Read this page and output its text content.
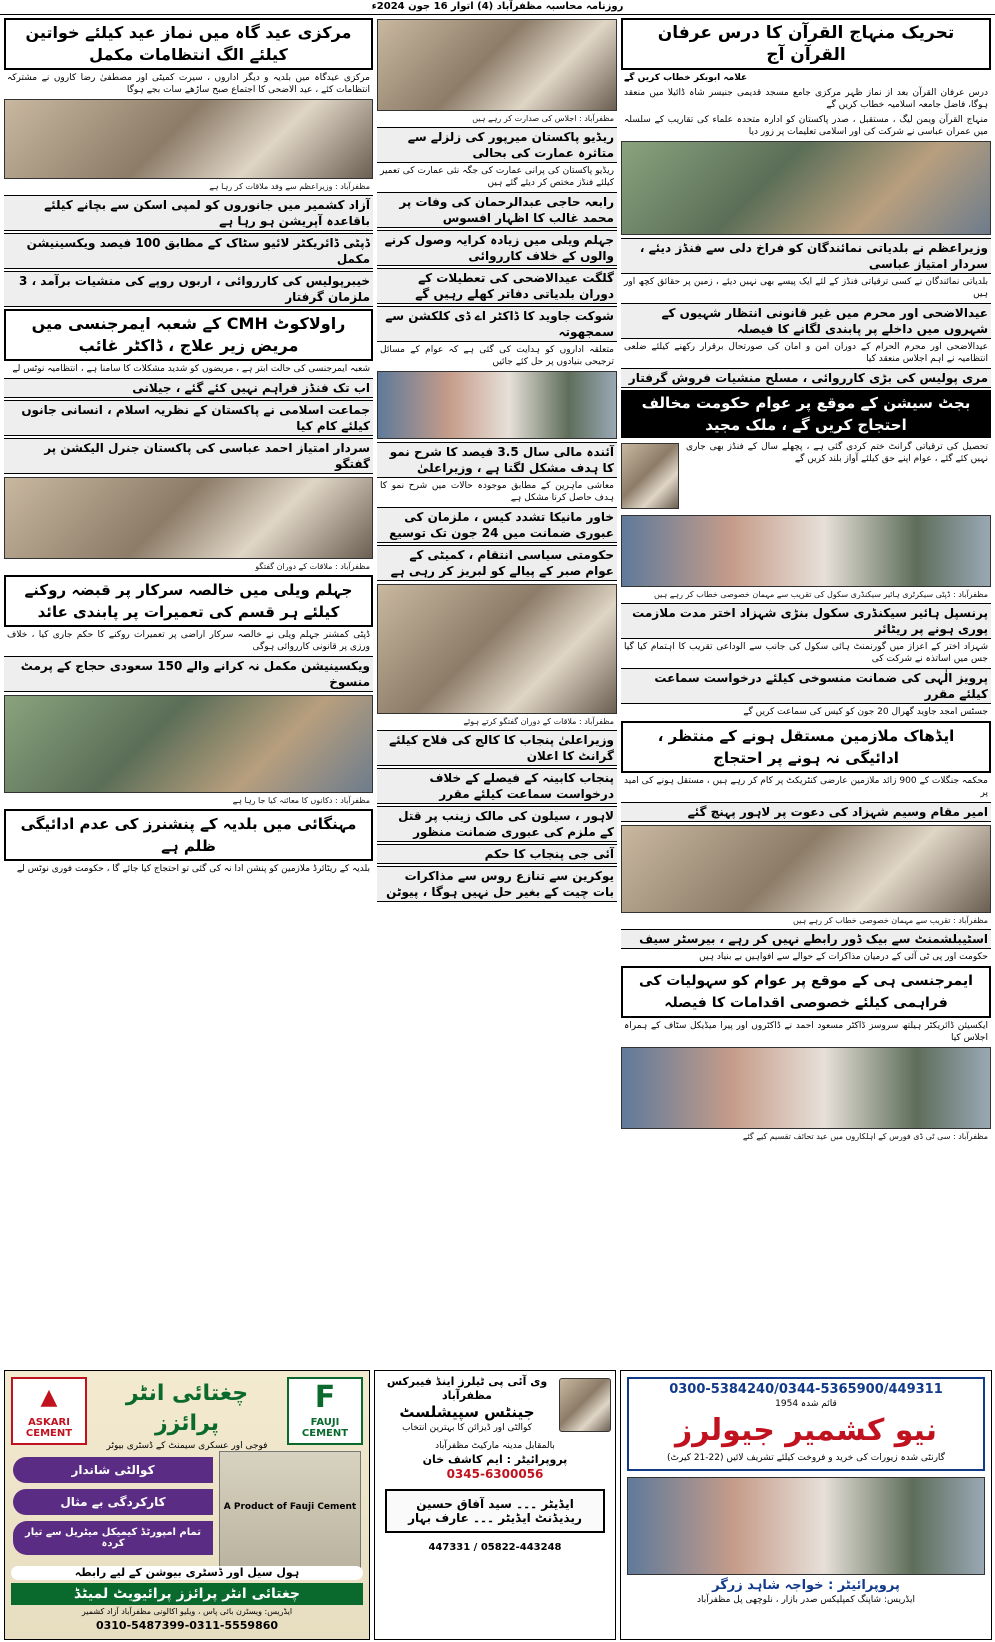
روزنامہ محاسبہ مظفرآباد (4) اتوار 16 جون 2024ء
تحریک منہاج القرآن کا درس عرفان القرآن آج
علامہ ابوبکر خطاب کریں گے
درس عرفان القرآن بعد از نماز ظہر مرکزی جامع مسجد قدیمی جنیسر شاہ ڈائیلا میں منعقد ہوگا، فاضل جامعہ اسلامیہ خطاب کریں گے
منہاج القرآن ویمن لیگ ، مستقبل ، صدر پاکستان کو ادارہ متحدہ علماء کی تقاریب کے سلسلہ میں عمران عباسی نے شرکت کی اور اسلامی تعلیمات پر زور دیا
وزیراعظم نے بلدیاتی نمائندگان کو فراخ دلی سے فنڈز دیئے ، سردار امتیاز عباسی
بلدیاتی نمائندگان نے کسی ترقیاتی فنڈز کے لئے ایک پیسے بھی نہیں دیئے ، زمین پر حقائق کچھ اور ہیں
عیدالاضحی اور محرم میں غیر قانونی انتظار شہیوں کے شہروں میں داخلے پر پابندی لگانے کا فیصلہ
عیدالاضحی اور محرم الحرام کے دوران امن و امان کی صورتحال برقرار رکھنے کیلئے ضلعی انتظامیہ نے اہم اجلاس منعقد کیا
مری پولیس کی بڑی کارروائی ، مسلح منشیات فروش گرفتار
بجٹ سیشن کے موقع پر عوام حکومت مخالف احتجاج کریں گے ، ملک مجید
تحصیل کی ترقیاتی گرانٹ ختم کردی گئی ہے ، پچھلے سال کے فنڈز بھی جاری نہیں کئے گئے ، عوام اپنے حق کیلئے آواز بلند کریں گے
مظفرآباد : ڈپٹی سیکرٹری ہائیر سیکنڈری سکول کی تقریب سے مہمان خصوصی خطاب کر رہے ہیں
پرنسپل ہائیر سیکنڈری سکول بنڑی شہزاد اختر مدت ملازمت پوری ہونے پر ریٹائر
شہزاد اختر کے اعزاز میں گورنمنٹ ہائی سکول کی جانب سے الوداعی تقریب کا اہتمام کیا گیا جس میں اساتذہ نے شرکت کی
پرویز الٰہی کی ضمانت منسوخی کیلئے درخواست سماعت کیلئے مقرر
جسٹس امجد جاوید گھرال 20 جون کو کیس کی سماعت کریں گے
ایڈھاک ملازمین مستقل ہونے کے منتظر ، ادائیگی نہ ہونے پر احتجاج
محکمہ جنگلات کے 900 زائد ملازمین عارضی کنٹریکٹ پر کام کر رہے ہیں ، مستقل ہونے کی امید پر
امیر مقام وسیم شہزاد کی دعوت پر لاہور پہنچ گئے
مظفرآباد : تقریب سے مہمان خصوصی خطاب کر رہے ہیں
اسٹیبلشمنٹ سے بیک ڈور رابطے نہیں کر رہے ، بیرسٹر سیف
حکومت اور پی ٹی آئی کے درمیان مذاکرات کے حوالے سے افواہیں بے بنیاد ہیں
ایمرجنسی ہی کے موقع پر عوام کو سہولیات کی فراہمی کیلئے خصوصی اقدامات کا فیصلہ
ایکسیئن ڈائریکٹر ہیلتھ سروسز ڈاکٹر مسعود احمد نے ڈاکٹروں اور پیرا میڈیکل سٹاف کے ہمراہ اجلاس کیا
مظفرآباد : سی ٹی ڈی فورس کے اہلکاروں میں عید تحائف تقسیم کیے گئے
مظفرآباد : اجلاس کی صدارت کر رہے ہیں
ریڈیو پاکستان میرپور کی زلزلے سے متاثرہ عمارت کی بحالی
ریڈیو پاکستان کی پرانی عمارت کی جگہ نئی عمارت کی تعمیر کیلئے فنڈز مختص کر دیئے گئے ہیں
رابعہ حاجی عبدالرحمان کی وفات پر محمد غالب کا اظہار افسوس
جہلم ویلی میں زیادہ کرایہ وصول کرنے والوں کے خلاف کارروائی
گلگت عیدالاضحی کی تعطیلات کے دوران بلدیاتی دفاتر کھلے رہیں گے
شوکت جاوید کا ڈاکٹر اے ڈی کلکشن سے سمجھوتہ
متعلقہ اداروں کو ہدایت کی گئی ہے کہ عوام کے مسائل ترجیحی بنیادوں پر حل کئے جائیں
آئندہ مالی سال 3.5 فیصد کا شرح نمو کا ہدف مشکل لگتا ہے ، وزیراعلیٰ
معاشی ماہرین کے مطابق موجودہ حالات میں شرح نمو کا ہدف حاصل کرنا مشکل ہے
خاور مانیکا تشدد کیس ، ملزمان کی عبوری ضمانت میں 24 جون تک توسیع
حکومتی سیاسی انتقام ، کمیٹی کے عوام صبر کے پیالے کو لبریز کر رہی ہے
مظفرآباد : ملاقات کے دوران گفتگو کرتے ہوئے
وزیراعلیٰ پنجاب کا کالج کی فلاح کیلئے گرانٹ کا اعلان
پنجاب کابینہ کے فیصلے کے خلاف درخواست سماعت کیلئے مقرر
لاہور ، سیلون کی مالک زینب پر قتل کے ملزم کی عبوری ضمانت منظور
آئی جی پنجاب کا حکم
یوکرین سے تنازع روس سے مذاکرات بات چیت کے بغیر حل نہیں ہوگا ، پیوٹن
مرکزی عید گاہ میں نماز عید کیلئے خواتین کیلئے الگ انتظامات مکمل
مرکزی عیدگاہ میں بلدیہ و دیگر اداروں ، سیرت کمیٹی اور مصطفیٰ رضا کاروں نے مشترکہ انتظامات کئے ، عید الاضحی کا اجتماع صبح ساڑھے سات بجے ہوگا
مظفرآباد : وزیراعظم سے وفد ملاقات کر رہا ہے
آزاد کشمیر میں جانوروں کو لمپی اسکن سے بچانے کیلئے باقاعدہ آپریشن ہو رہا ہے
ڈپٹی ڈائریکٹر لائیو سٹاک کے مطابق 100 فیصد ویکسینیشن مکمل
خیبرپولیس کی کارروائی ، اربوں روپے کی منشیات برآمد ، 3 ملزمان گرفتار
راولاکوٹ CMH کے شعبہ ایمرجنسی میں مریض زیر علاج ، ڈاکٹر غائب
شعبہ ایمرجنسی کی حالت ابتر ہے ، مریضوں کو شدید مشکلات کا سامنا ہے ، انتظامیہ نوٹس لے
اب تک فنڈز فراہم نہیں کئے گئے ، جیلانی
جماعت اسلامی نے پاکستان کے نظریہ اسلام ، انسانی جانوں کیلئے کام کیا
سردار امتیاز احمد عباسی کی پاکستان جنرل الیکشن پر گفتگو
مظفرآباد : ملاقات کے دوران گفتگو
جہلم ویلی میں خالصہ سرکار پر قبضہ روکنے کیلئے ہر قسم کی تعمیرات پر پابندی عائد
ڈپٹی کمشنر جہلم ویلی نے خالصہ سرکار اراضی پر تعمیرات روکنے کا حکم جاری کیا ، خلاف ورزی پر قانونی کارروائی ہوگی
ویکسینیشن مکمل نہ کرانے والے 150 سعودی حجاج کے پرمٹ منسوخ
مظفرآباد : دکانوں کا معائنہ کیا جا رہا ہے
مہنگائی میں بلدیہ کے پنشنرز کی عدم ادائیگی ظلم ہے
بلدیہ کے ریٹائرڈ ملازمین کو پنشن ادا نہ کی گئی تو احتجاج کیا جائے گا ، حکومت فوری نوٹس لے
0300-5384240/0344-5365900/449311
قائم شدہ 1954
نیو کشمیر جیولرز
گارنٹی شدہ زیورات کی خرید و فروخت کیلئے تشریف لائیں (22-21 کیرٹ)
پروپرائیٹر : خواجہ شاہد زرگر
ایڈریس: شاپنگ کمپلیکس صدر بازار ، نلوچھی پل مظفرآباد
وی آئی پی ٹیلرز اینڈ فیبرکس مظفرآباد
جینٹس سپیشلسٹ
کوالٹی اور ڈیزائن کا بہترین انتخاب
بالمقابل مدینہ مارکیٹ مظفرآباد
پروپرائیٹر : ایم کاشف خان
0345-6300056
ایڈیٹر ۔۔۔ سید آفاق حسین
ریذیڈنٹ ایڈیٹر ۔۔۔ عارف بہار
05822-443248 / 447331
F
FAUJI CEMENT
▲
ASKARI CEMENT
چغتائی انٹر پرائزز
فوجی اور عسکری سیمنٹ کے ڈسٹری بیوٹر
A Product of Fauji Cement
کوالٹی شاندار
کارکردگی بے مثال
تمام امپورٹڈ کیمیکل میٹریل سے تیار کردہ
ہول سیل اور ڈسٹری بیوشن کے لیے رابطہ
چغتائی انٹر پرائزز پرائیویٹ لمیٹڈ
ایڈریس: ویسٹرن بائی پاس ، ویلیو اکالونی مظفرآباد آزاد کشمیر
0310-5487399-0311-5559860
